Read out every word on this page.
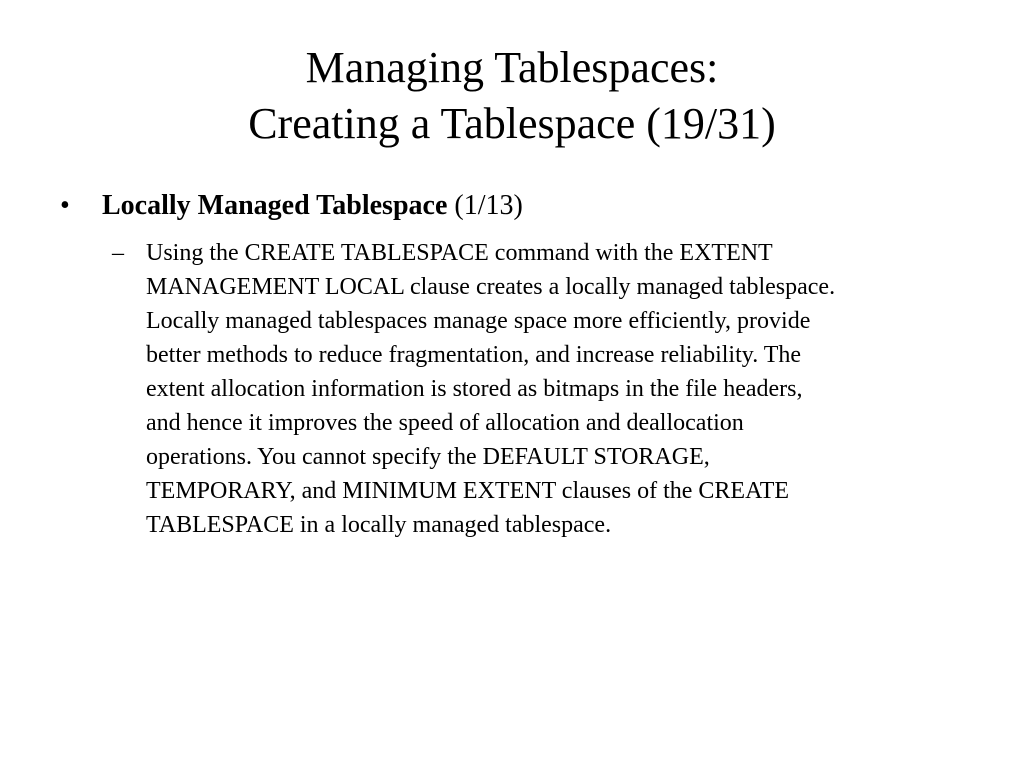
Managing Tablespaces:
Creating a Tablespace (19/31)
• Locally Managed Tablespace (1/13)
– Using the CREATE TABLESPACE command with the EXTENT
MANAGEMENT LOCAL clause creates a locally managed tablespace.
Locally managed tablespaces manage space more efficiently, provide
better methods to reduce fragmentation, and increase reliability. The
extent allocation information is stored as bitmaps in the file headers,
and hence it improves the speed of allocation and deallocation
operations. You cannot specify the DEFAULT STORAGE,
TEMPORARY, and MINIMUM EXTENT clauses of the CREATE
TABLESPACE in a locally managed tablespace.
